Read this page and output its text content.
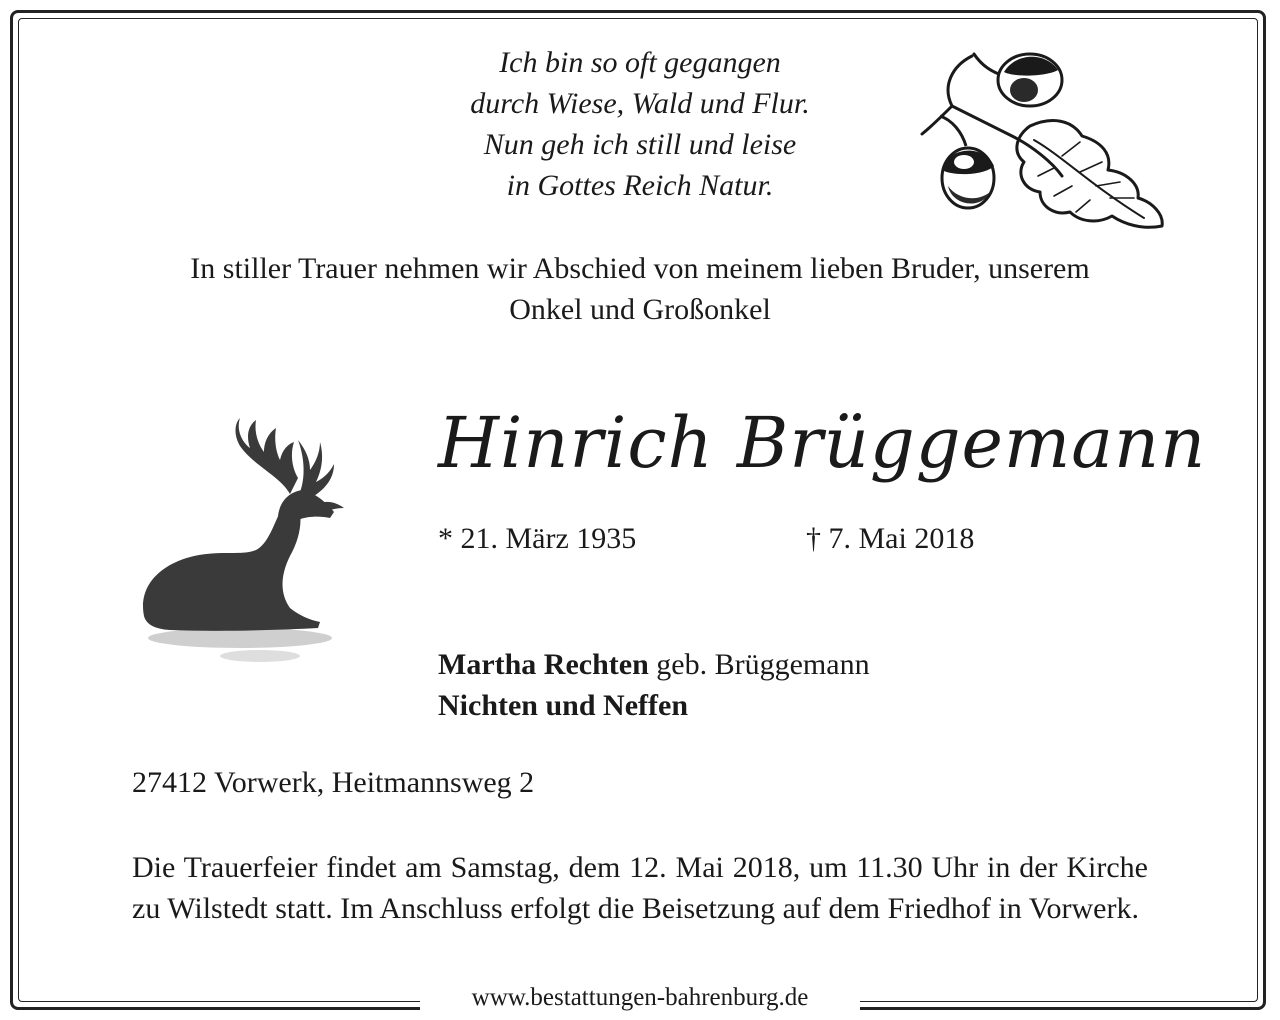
Ich bin so oft gegangen
durch Wiese, Wald und Flur.
Nun geh ich still und leise
in Gottes Reich Natur.
In stiller Trauer nehmen wir Abschied von meinem lieben Bruder, unserem
Onkel und Großonkel
Hinrich Brüggemann
* 21. März 1935	† 7. Mai 2018
Martha Rechten geb. Brüggemann
Nichten und Neffen
27412 Vorwerk, Heitmannsweg 2
Die Trauerfeier findet am Samstag, dem 12. Mai 2018, um 11.30 Uhr in der Kirche zu Wilstedt statt. Im Anschluss erfolgt die Beisetzung auf dem Friedhof in Vorwerk.
www.bestattungen-bahrenburg.de
